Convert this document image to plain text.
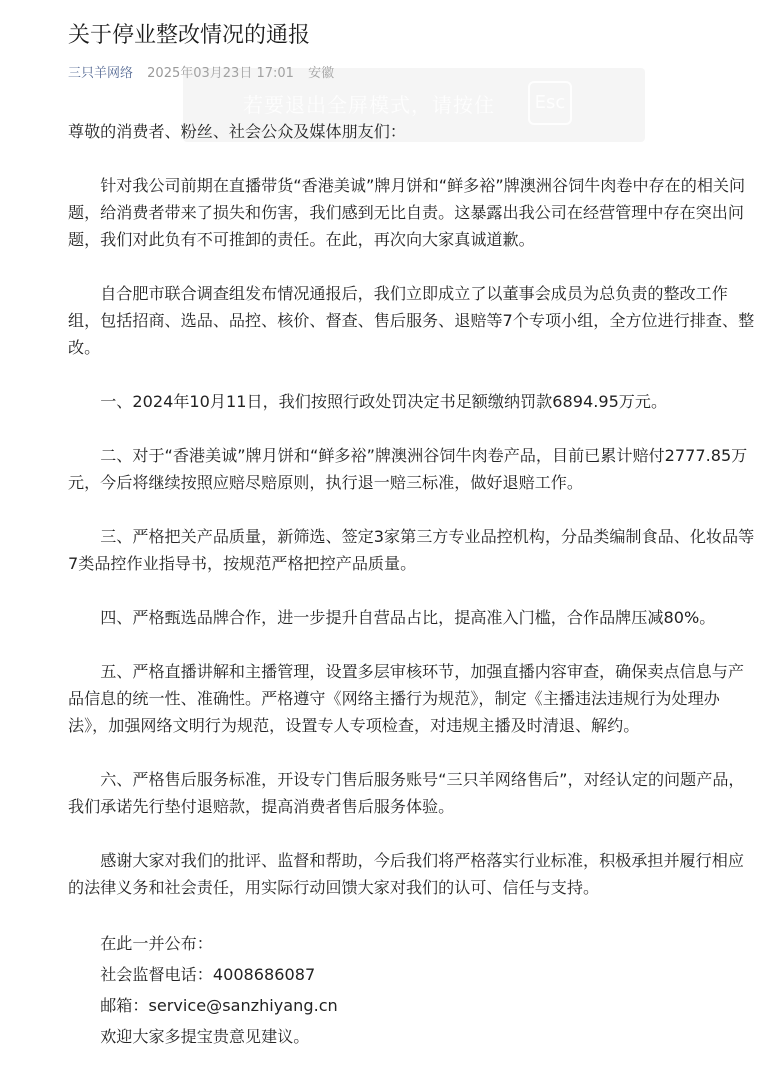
关于停业整改情况的通报
三只羊网络 2025年03月23日 17:01 安徽
若要退出全屏模式，请按住	Esc

尊敬的消费者、粉丝、社会公众及媒体朋友们：

针对我公司前期在直播带货“香港美诚”牌月饼和“鲜多裕”牌澳洲谷饲牛肉卷中存在的相关问题，给消费者带来了损失和伤害，我们感到无比自责。这暴露出我公司在经营管理中存在突出问题，我们对此负有不可推卸的责任。在此，再次向大家真诚道歉。

自合肥市联合调查组发布情况通报后，我们立即成立了以董事会成员为总负责的整改工作组，包括招商、选品、品控、核价、督查、售后服务、退赔等7个专项小组，全方位进行排查、整改。

一、2024年10月11日，我们按照行政处罚决定书足额缴纳罚款6894.95万元。

二、对于“香港美诚”牌月饼和“鲜多裕”牌澳洲谷饲牛肉卷产品，目前已累计赔付2777.85万元，今后将继续按照应赔尽赔原则，执行退一赔三标准，做好退赔工作。

三、严格把关产品质量，新筛选、签定3家第三方专业品控机构，分品类编制食品、化妆品等7类品控作业指导书，按规范严格把控产品质量。

四、严格甄选品牌合作，进一步提升自营品占比，提高准入门槛，合作品牌压减80%。

五、严格直播讲解和主播管理，设置多层审核环节，加强直播内容审查，确保卖点信息与产品信息的统一性、准确性。严格遵守《网络主播行为规范》，制定《主播违法违规行为处理办法》，加强网络文明行为规范，设置专人专项检查，对违规主播及时清退、解约。

六、严格售后服务标准，开设专门售后服务账号“三只羊网络售后”，对经认定的问题产品，我们承诺先行垫付退赔款，提高消费者售后服务体验。

感谢大家对我们的批评、监督和帮助，今后我们将严格落实行业标准，积极承担并履行相应的法律义务和社会责任，用实际行动回馈大家对我们的认可、信任与支持。

在此一并公布：
社会监督电话：4008686087
邮箱：service@sanzhiyang.cn
欢迎大家多提宝贵意见建议。
